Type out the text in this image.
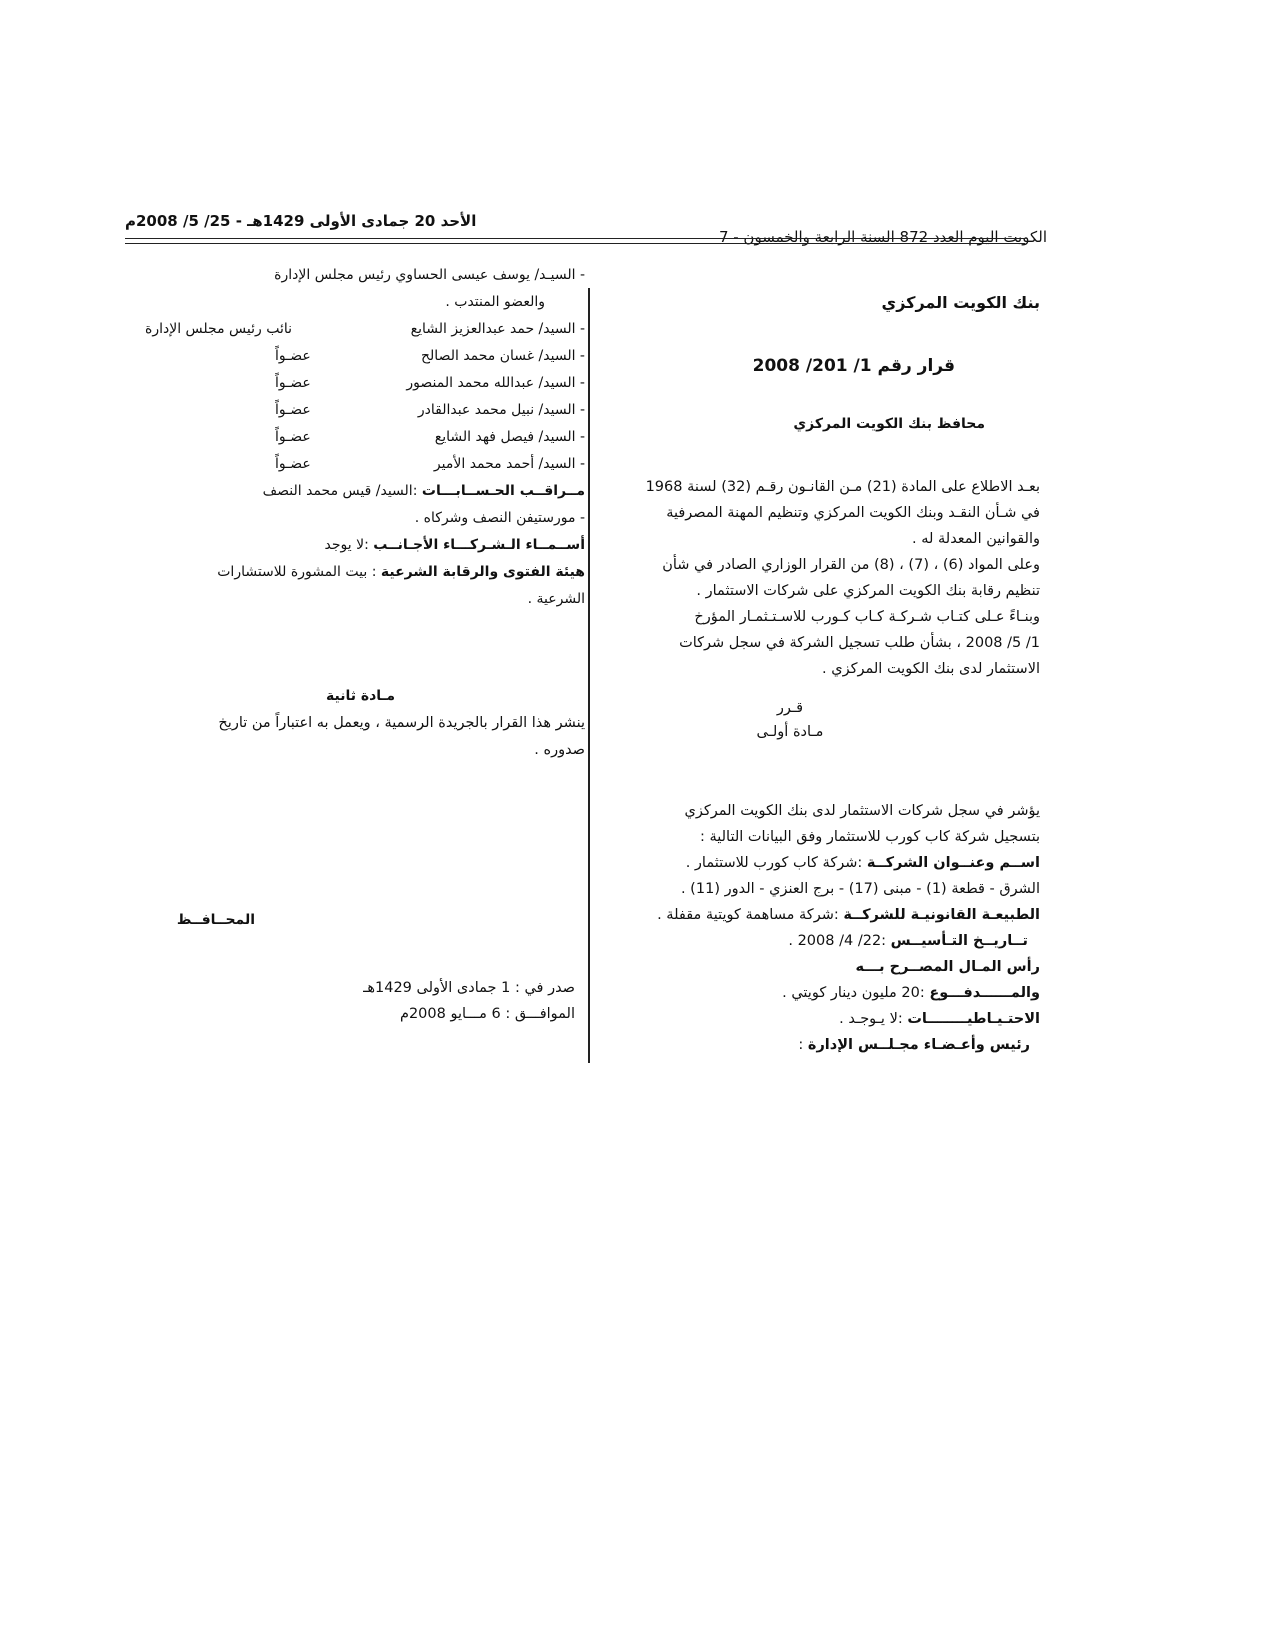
الأحد 20 جمادى الأولى 1429هـ - 25/ 5/ 2008م
الكويت اليوم العدد 872 السنة الرابعة والخمسون - 7
بنك الكويت المركزي
قرار رقم 1/ 201/ 2008
محافظ بنك الكويت المركزي
بعـد الاطلاع على المادة (21) مـن القانـون رقـم (32) لسنة 1968
في شـأن النقـد وبنك الكويت المركزي وتنظيم المهنة المصرفية
والقوانين المعدلة له .
وعلى المواد (6) ، (7) ، (8) من القرار الوزاري الصادر في شأن
تنظيم رقابة بنك الكويت المركزي على شركات الاستثمار .
وبنـاءً عـلى كتـاب شـركـة كـاب كـورب للاسـتـثمـار المؤرخ
1/ 5/ 2008 ، بشأن طلب تسجيل الشركة في سجل شركات
الاستثمار لدى بنك الكويت المركزي .
قـرر
مـادة أولـى
يؤشر في سجل شركات الاستثمار لدى بنك الكويت المركزي
بتسجيل شركة كاب كورب للاستثمار وفق البيانات التالية :
اســم وعنــوان الشركــة :شركة كاب كورب للاستثمار .
الشرق - قطعة (1) - مبنى (17) - برج العنزي - الدور (11) .
الطبيعـة القانونيـة للشركــة :شركة مساهمة كويتية مقفلة .
تــاريــخ التـأسيــس :22/ 4/ 2008 .
رأس المـال المصــرح بـــه
والمــــــدفـــوع :20 مليون دينار كويتي .
الاحتـيـاطيــــــــات :لا يـوجـد .
رئيس وأعـضـاء مجـلــس الإدارة :
- السيـد/ يوسف عيسى الحساوي رئيس مجلس الإدارة
والعضو المنتدب .
- السيد/ حمد عبدالعزيز الشايع
نائب رئيس مجلس الإدارة
- السيد/ غسان محمد الصالح
عضـواً
- السيد/ عبدالله محمد المنصور
عضـواً
- السيد/ نبيل محمد عبدالقادر
عضـواً
- السيد/ فيصل فهد الشايع
عضـواً
- السيد/ أحمد محمد الأمير
عضـواً
مــراقــب الحـســابـــات :السيد/ قيس محمد النصف
- مورستيفن النصف وشركاه .
أســمــاء الـشـركـــاء الأجـانــب :لا يوجد
هيئة الفتوى والرقابة الشرعية : بيت المشورة للاستشارات
الشرعية .
مـادة ثانية
ينشر هذا القرار بالجريدة الرسمية ، ويعمل به اعتباراً من تاريخ
صدوره .
المحــافــظ
صدر في : 1 جمادى الأولى 1429هـ
الموافـــق : 6 مـــايو 2008م
